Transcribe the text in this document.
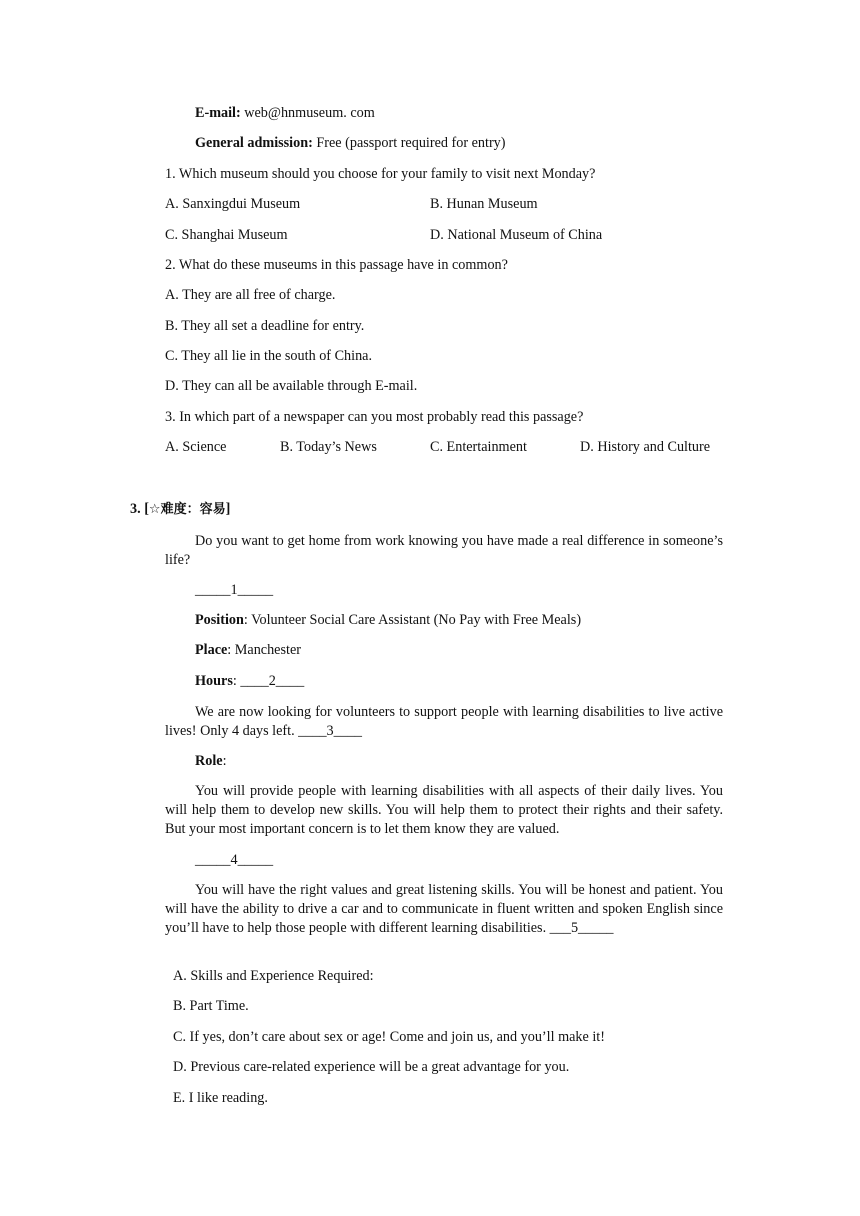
E-mail: web@hnmuseum. com
General admission: Free (passport required for entry)
1. Which museum should you choose for your family to visit next Monday?
A. Sanxingdui Museum	B. Hunan Museum
C. Shanghai Museum	D. National Museum of China
2. What do these museums in this passage have in common?
A. They are all free of charge.
B. They all set a deadline for entry.
C. They all lie in the south of China.
D. They can all be available through E-mail.
3. In which part of a newspaper can you most probably read this passage?
A. Science	B. Today’s News	C. Entertainment	D. History and Culture
3. [☆难度：容易]
Do you want to get home from work knowing you have made a real difference in someone’s life?
_____1_____
Position: Volunteer Social Care Assistant (No Pay with Free Meals)
Place: Manchester
Hours: ____2____
We are now looking for volunteers to support people with learning disabilities to live active lives! Only 4 days left. ____3____
Role:
You will provide people with learning disabilities with all aspects of their daily lives. You will help them to develop new skills. You will help them to protect their rights and their safety. But your most important concern is to let them know they are valued.
_____4_____
You will have the right values and great listening skills. You will be honest and patient. You will have the ability to drive a car and to communicate in fluent written and spoken English since you’ll have to help those people with different learning disabilities. ___5_____
A. Skills and Experience Required:
B. Part Time.
C. If yes, don’t care about sex or age! Come and join us, and you’ll make it!
D. Previous care-related experience will be a great advantage for you.
E. I like reading.
